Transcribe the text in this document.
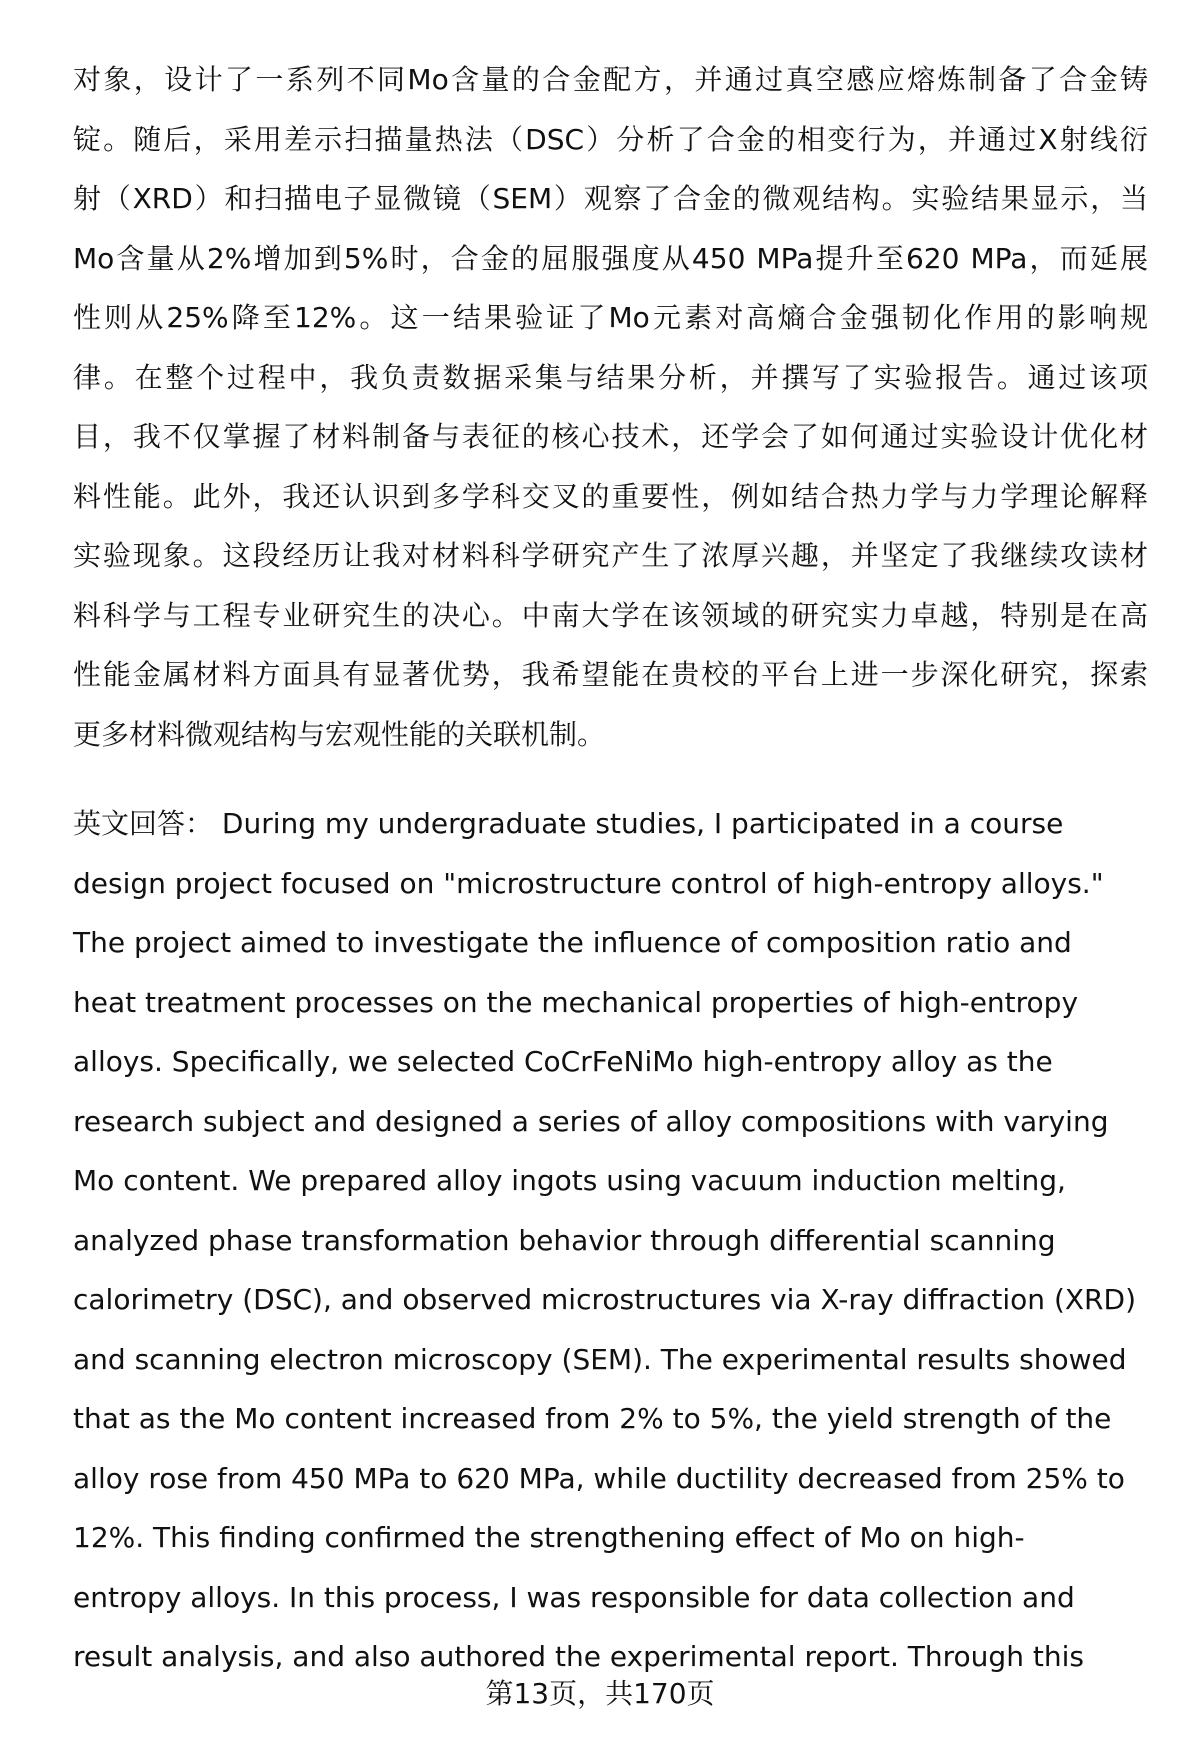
对象，设计了一系列不同Mo含量的合金配方，并通过真空感应熔炼制备了合金铸
锭。随后，采用差示扫描量热法（DSC）分析了合金的相变行为，并通过X射线衍
射（XRD）和扫描电子显微镜（SEM）观察了合金的微观结构。实验结果显示，当
Mo含量从2%增加到5%时，合金的屈服强度从450 MPa提升至620 MPa，而延展
性则从25%降至12%。这一结果验证了Mo元素对高熵合金强韧化作用的影响规
律。在整个过程中，我负责数据采集与结果分析，并撰写了实验报告。通过该项
目，我不仅掌握了材料制备与表征的核心技术，还学会了如何通过实验设计优化材
料性能。此外，我还认识到多学科交叉的重要性，例如结合热力学与力学理论解释
实验现象。这段经历让我对材料科学研究产生了浓厚兴趣，并坚定了我继续攻读材
料科学与工程专业研究生的决心。中南大学在该领域的研究实力卓越，特别是在高
性能金属材料方面具有显著优势，我希望能在贵校的平台上进一步深化研究，探索
更多材料微观结构与宏观性能的关联机制。
英文回答： During my undergraduate studies, I participated in a course
design project focused on "microstructure control of high-entropy alloys."
The project aimed to investigate the influence of composition ratio and
heat treatment processes on the mechanical properties of high-entropy
alloys. Specifically, we selected CoCrFeNiMo high-entropy alloy as the
research subject and designed a series of alloy compositions with varying
Mo content. We prepared alloy ingots using vacuum induction melting,
analyzed phase transformation behavior through differential scanning
calorimetry (DSC), and observed microstructures via X-ray diffraction (XRD)
and scanning electron microscopy (SEM). The experimental results showed
that as the Mo content increased from 2% to 5%, the yield strength of the
alloy rose from 450 MPa to 620 MPa, while ductility decreased from 25% to
12%. This finding confirmed the strengthening effect of Mo on high-
entropy alloys. In this process, I was responsible for data collection and
result analysis, and also authored the experimental report. Through this
第13页，共170页
